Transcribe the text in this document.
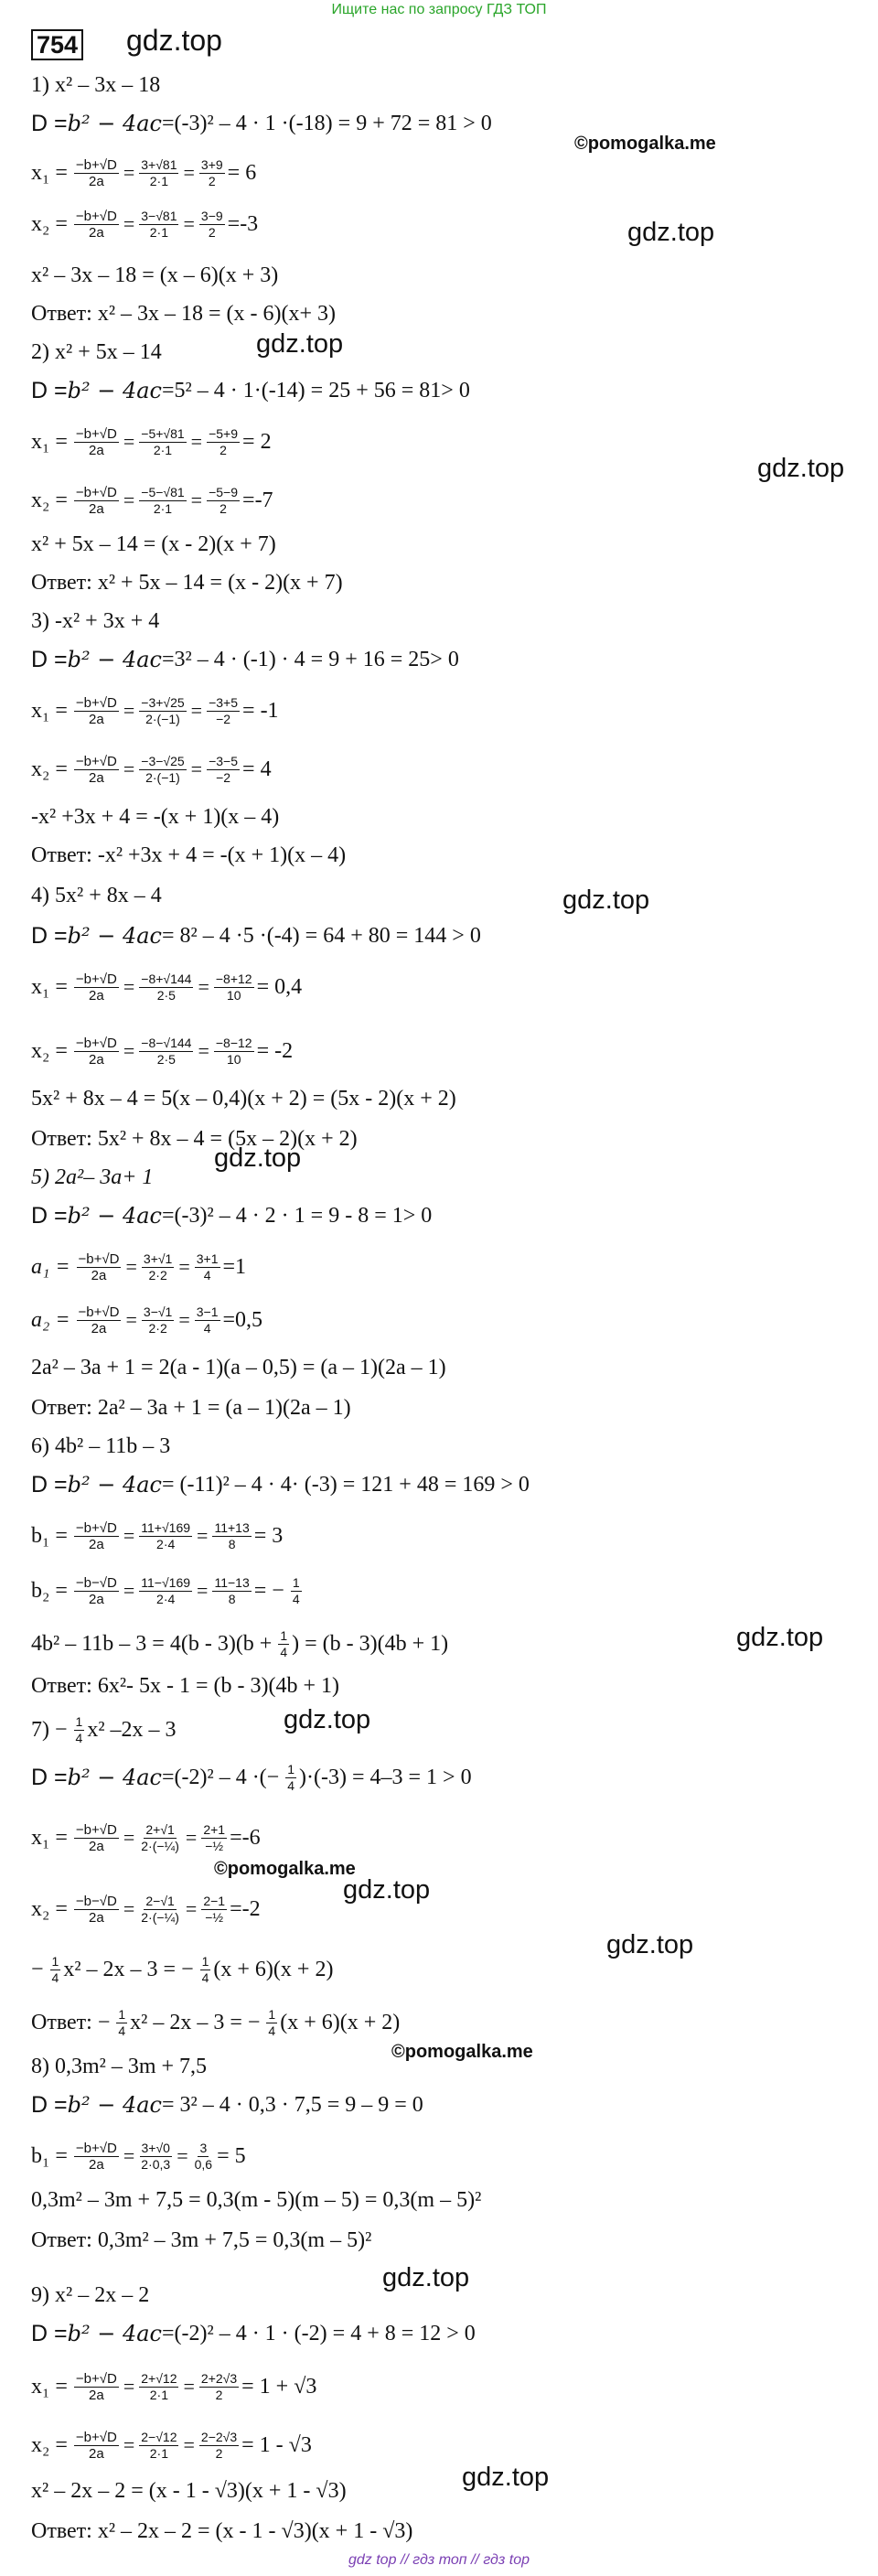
Ищите нас по запросу ГДЗ ТОП
754 gdz.top
gdz.top
gdz.top
gdz.top
gdz.top
gdz.top
gdz.top
gdz.top
gdz.top
gdz.top
gdz.top
gdz.top
©pomogalka.me
©pomogalka.me
©pomogalka.me
1) x² – 3x – 18
D = b² − 4ac =(-3)² – 4 · 1 ·(-18) = 9 + 72 = 81 > 0
$x_1 = \frac{-b+√D}{2a} = \frac{3+√81}{2\cdot 1} = \frac{3+9}{2} = 6$
$x_2 = \frac{-b+√D}{2a} = \frac{3-√81}{2\cdot 1} = \frac{3-9}{2} =-3$
x² – 3x – 18 = (x – 6)(x + 3)
Ответ: x² – 3x – 18 = (x - 6)(x+ 3)
2) x² + 5x – 14
D = b² − 4ac =5² – 4 · 1·(-14) = 25 + 56 = 81> 0
$x_1 = \frac{-b+√D}{2a} = \frac{-5+√81}{2\cdot 1} = \frac{-5+9}{2} = 2$
$x_2 = \frac{-b+√D}{2a} = \frac{-5-√81}{2\cdot 1} = \frac{-5-9}{2} =-7$
x² + 5x – 14 = (x - 2)(x + 7)
Ответ: x² + 5x – 14 = (x - 2)(x + 7)
3) -x² + 3x + 4
D = b² − 4ac =3² – 4 · (-1) · 4 = 9 + 16 = 25> 0
$x_1 = \frac{-b+√D}{2a} = \frac{-3+√25}{2\cdot(-1)} = \frac{-3+5}{-2} = -1$
$x_2 = \frac{-b+√D}{2a} = \frac{-3-√25}{2\cdot(-1)} = \frac{-3-5}{-2} = 4$
-x² +3x + 4 = -(x + 1)(x – 4)
Ответ: -x² +3x + 4 = -(x + 1)(x – 4)
4) 5x² + 8x – 4
D = b² − 4ac = 8² – 4 ·5 ·(-4) = 64 + 80 = 144 > 0
$x_1 = \frac{-b+√D}{2a} = \frac{-8+√144}{2\cdot 5} = \frac{-8+12}{10} = 0,4$
$x_2 = \frac{-b+√D}{2a} = \frac{-8-√144}{2\cdot 5} = \frac{-8-12}{10} = -2$
5x² + 8x – 4 = 5(x – 0,4)(x + 2) = (5x - 2)(x + 2)
Ответ: 5x² + 8x – 4 = (5x – 2)(x + 2)
5) 2a²– 3a+ 1
D = b² − 4ac =(-3)² – 4 · 2 · 1 = 9 - 8 = 1> 0
$a_1 = \frac{-b+√D}{2a} = \frac{3+√1}{2\cdot 2} = \frac{3+1}{4} =1$
$a_2 = \frac{-b+√D}{2a} = \frac{3-√1}{2\cdot 2} = \frac{3-1}{4} =0,5$
2a² – 3a + 1 = 2(a - 1)(a – 0,5) = (a – 1)(2a – 1)
Ответ: 2a² – 3a + 1 = (a – 1)(2a – 1)
6) 4b² – 11b – 3
D = b² − 4ac = (-11)² – 4 · 4· (-3) = 121 + 48 = 169 > 0
$b_1 = \frac{-b+√D}{2a} = \frac{11+√169}{2\cdot 4} = \frac{11+13}{8} = 3$
$b_2 = \frac{-b-√D}{2a} = \frac{11-√169}{2\cdot 4} = \frac{11-13}{8}$ = − $\frac{1}{4}$
$4b^2 - 11b - 3 = 4(b - 3)(b + \frac{1}{4}$ ) = (b - 3)(4b + 1)
Ответ: 6x²- 5x - 1 = (b - 3)(4b + 1)
$7) - \frac{1}{4} x^2$ –2x – 3
D = b² − 4ac =(-2)² – 4 ·(− $\frac{1}{4} )\cdot(-3) = 4-3 = 1 > 0$
$x_1 = \frac{-b+√D}{2a} = \frac{2+√1}{\text{2·(−¼)}} = \frac{2+1}{\text{−½}} =-6$
$x_2 = \frac{-b-√D}{2a} = \frac{2-√1}{\text{2·(−¼)}} = \frac{2-1}{\text{−½}} =-2$
− $\frac{1}{4} x^2 - 2x - 3$ = − $\frac{1}{4} (x + 6)(x + 2)$
Ответ: − $\frac{1}{4} x^2 - 2x - 3$ = − $\frac{1}{4} (x + 6)(x + 2)$
8) 0,3m² – 3m + 7,5
D = b² − 4ac = 3² – 4 · 0,3 · 7,5 = 9 – 9 = 0
$b_1 = \frac{-b+√D}{2a} = \frac{3+√0}{2\cdot 0,3} = \frac{3}{0,6} = 5$
0,3m² – 3m + 7,5 = 0,3(m - 5)(m – 5) = 0,3(m – 5)²
Ответ: 0,3m² – 3m + 7,5 = 0,3(m – 5)²
9) x² – 2x – 2
D = b² − 4ac =(-2)² – 4 · 1 · (-2) = 4 + 8 = 12 > 0
$x_1 = \frac{-b+√D}{2a} = \frac{2+√12}{2\cdot 1} = \frac{2+2√3}{2} = 1 + √3$
$x_2 = \frac{-b+√D}{2a} = \frac{2-√12}{2\cdot 1} = \frac{2-2√3}{2} = 1 - √3$
x² – 2x – 2 = (x - 1 - √3)(x + 1 - √3)
Ответ: x² – 2x – 2 = (x - 1 - √3)(x + 1 - √3)
gdz top // гдз топ // гдз top
